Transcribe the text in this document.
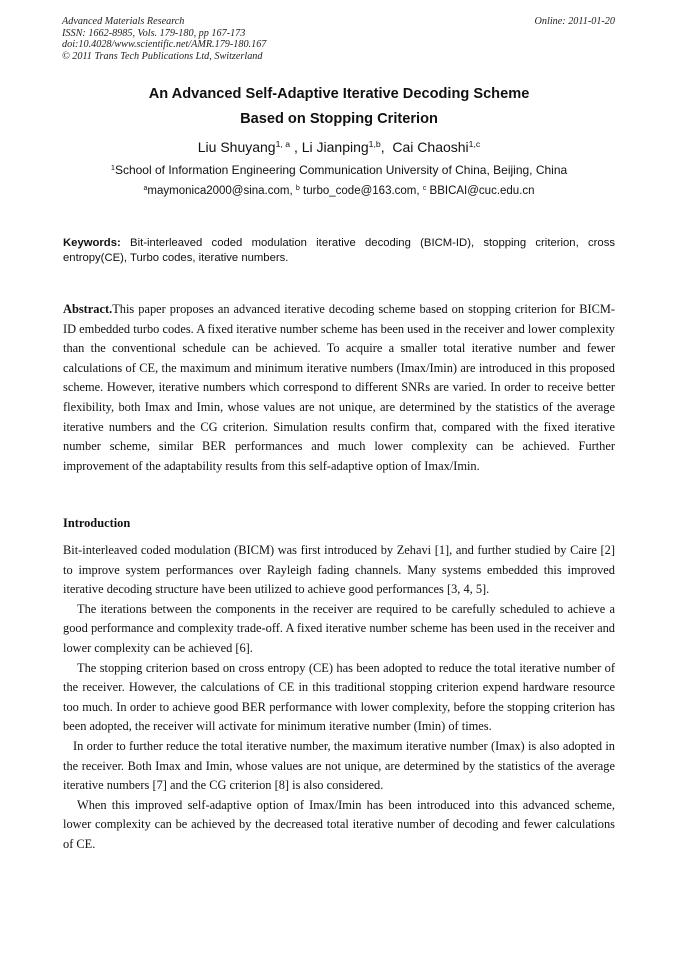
Advanced Materials Research
ISSN: 1662-8985, Vols. 179-180, pp 167-173
doi:10.4028/www.scientific.net/AMR.179-180.167
© 2011 Trans Tech Publications Ltd, Switzerland
Online: 2011-01-20
An Advanced Self-Adaptive Iterative Decoding Scheme
Based on Stopping Criterion
Liu Shuyang$^{1, a}$ , Li Jianping$^{1,b}$,  Cai Chaoshi$^{1,c}$
$^1$School of Information Engineering Communication University of China, Beijing, China
$^a$maymonica2000@sina.com, $^b$ turbo_code@163.com, $^c$ BBICAI@cuc.edu.cn
Keywords: Bit-interleaved coded modulation iterative decoding (BICM-ID), stopping criterion, cross entropy(CE), Turbo codes, iterative numbers.
Abstract.This paper proposes an advanced iterative decoding scheme based on stopping criterion for BICM-ID embedded turbo codes. A fixed iterative number scheme has been used in the receiver and lower complexity than the conventional schedule can be achieved. To acquire a smaller total iterative number and fewer calculations of CE, the maximum and minimum iterative numbers (Imax/Imin) are introduced in this proposed scheme. However, iterative numbers which correspond to different SNRs are varied. In order to receive better flexibility, both Imax and Imin, whose values are not unique, are determined by the statistics of the average iterative numbers and the CG criterion. Simulation results confirm that, compared with the fixed iterative number scheme, similar BER performances and much lower complexity can be achieved. Further improvement of the adaptability results from this self-adaptive option of Imax/Imin.
Introduction

Bit-interleaved coded modulation (BICM) was first introduced by Zehavi [1], and further studied by Caire [2] to improve system performances over Rayleigh fading channels. Many systems embedded this improved iterative decoding structure have been utilized to achieve good performances [3, 4, 5].

The iterations between the components in the receiver are required to be carefully scheduled to achieve a good performance and complexity trade-off. A fixed iterative number scheme has been used in the receiver and lower complexity can be achieved [6].

The stopping criterion based on cross entropy (CE) has been adopted to reduce the total iterative number of the receiver. However, the calculations of CE in this traditional stopping criterion expend hardware resource too much. In order to achieve good BER performance with lower complexity, before the stopping criterion has been adopted, the receiver will activate for minimum iterative number (Imin) of times.

In order to further reduce the total iterative number, the maximum iterative number (Imax) is also adopted in the receiver. Both Imax and Imin, whose values are not unique, are determined by the statistics of the average iterative numbers [7] and the CG criterion [8] is also considered.

When this improved self-adaptive option of Imax/Imin has been introduced into this advanced scheme, lower complexity can be achieved by the decreased total iterative number of decoding and fewer calculations of CE.
